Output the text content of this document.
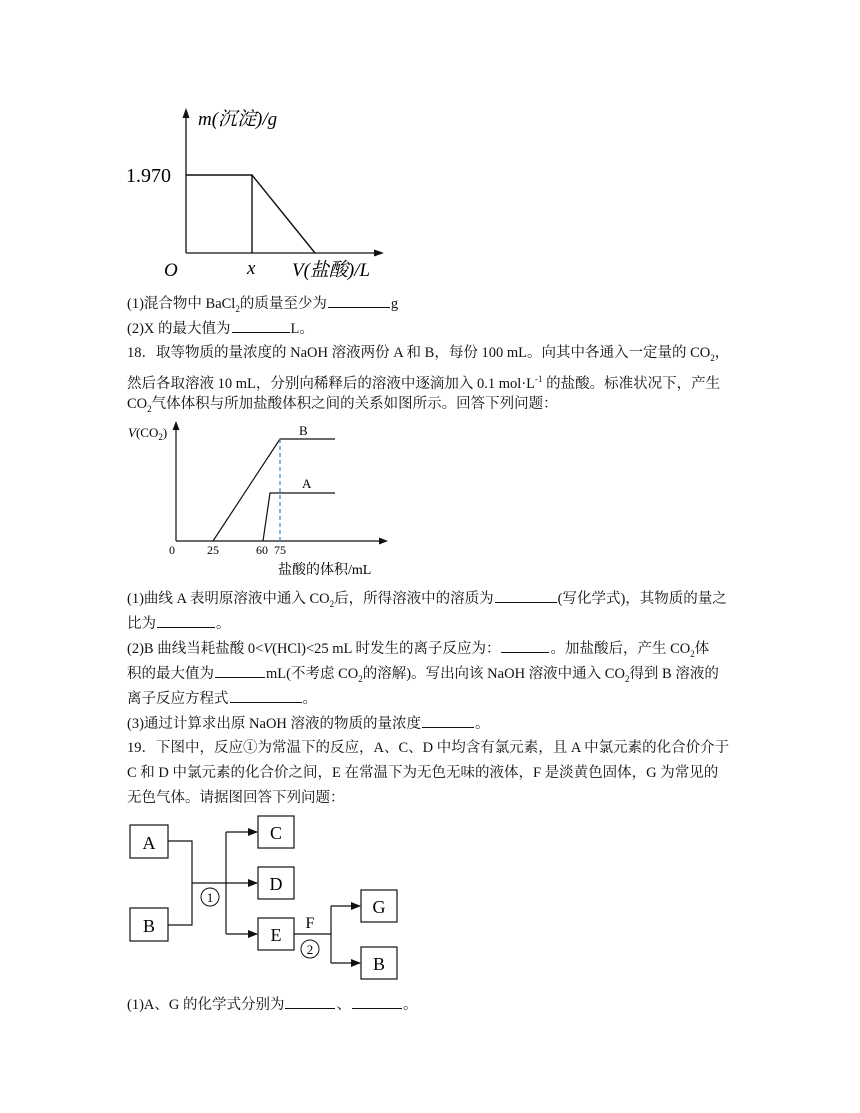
m(沉淀)/g
1.970
O	x V(盐酸)/L
(1)混合物中 BaCl$_2$的质量至少为	g
(2)X 的最大值为	L。
18．取等物质的量浓度的 NaOH 溶液两份 A 和 B，每份 100 mL。向其中各通入一定量的 $CO_2$，
然后各取溶液 10 mL，分别向稀释后的溶液中逐滴加入 0.1 $mol\cdot L^{-1}$ 的盐酸。标准状况下，产生
$CO_2$气体体积与所加盐酸体积之间的关系如图所示。回答下列问题：
$V(CO_2)$
0	25	60 75
盐酸的体积/mL
B
A
(1)曲线 A 表明原溶液中通入 $CO_2$后，所得溶液中的溶质为	(写化学式)，其物质的量之
比为	。
(2)B 曲线当耗盐酸 0<V(HCl)<25 mL 时发生的离子反应为：	。加盐酸后，产生 $CO_2$体
积的最大值为	mL(不考虑 $CO_2$的溶解)。写出向该 NaOH 溶液中通入 $CO_2$得到 B 溶液的
离子反应方程式	。
(3)通过计算求出原 NaOH 溶液的物质的量浓度	。
19．下图中，反应①为常温下的反应，A、C、D 中均含有氯元素，且 A 中氯元素的化合价介于
C 和 D 中氯元素的化合价之间，E 在常温下为无色无味的液体，F 是淡黄色固体，G 为常见的
无色气体。请据图回答下列问题：
A
B
1
C
D
E
F
2
G
B
(1)A、G 的化学式分别为	、	。
